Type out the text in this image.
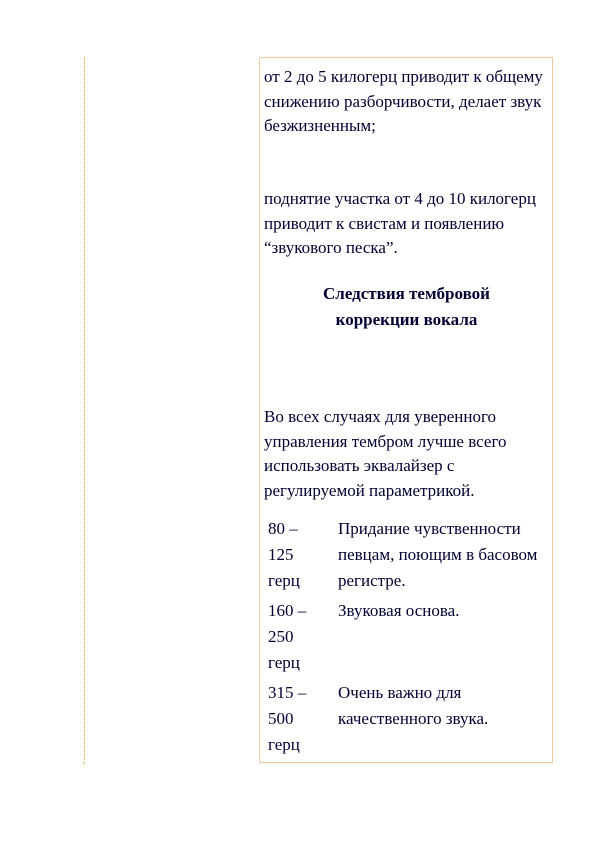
от 2 до 5 килогерц приводит к общему снижению разборчивости, делает звук безжизненным;

поднятие участка от 4 до 10 килогерц приводит к свистам и появлению “звукового песка”.

Следствия тембровой
коррекции вокала

Во всех случаях для уверенного управления тембром лучше всего использовать эквалайзер с регулируемой параметрикой.

80 –
125
герц
Придание чувственности певцам, поющим в басовом регистре.
160 –
250
герц
Звуковая основа.
315 –
500
герц
Очень важно для качественного звука.
